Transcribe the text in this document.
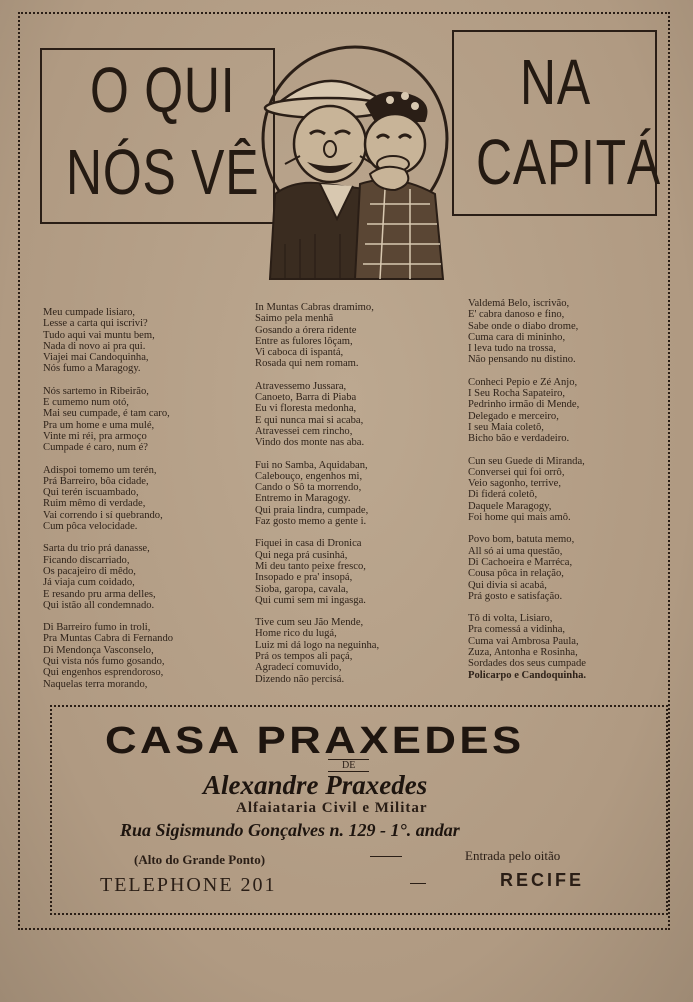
O QUI
NÓS VÊ
NA
CAPITÁ
Meu cumpade lisiaro,
Lesse a carta qui iscrivi?
Tudo aqui vai muntu bem,
Nada di novo ai pra qui.
Viajei mai Candoquinha,
Nós fumo a Maragogy.
Nós sartemo in Ribeirão,
E cumemo num otó,
Mai seu cumpade, é tam caro,
Pra um home e uma mulé,
Vinte mi réi, pra armoço
Cumpade é caro, num é?
Adispoi tomemo um terén,
Prá Barreiro, bôa cidade,
Qui terén iscuambado,
Ruim mêmo di verdade,
Vai correndo i sí quebrando,
Cum pôca velocidade.
Sarta du trio prá danasse,
Ficando discarriado,
Os pacajeiro di mêdo,
Já viaja cum coidado,
E resando pru arma delles,
Qui istão all condemnado.
Di Barreiro fumo in troli,
Pra Muntas Cabra di Fernando
Di Mendonça Vasconselo,
Qui vista nós fumo gosando,
Qui engenhos esprendoroso,
Naquelas terra morando,
In Muntas Cabras dramimo,
Saimo pela menhã
Gosando a órera ridente
Entre as fulores lôçam,
Vi caboca di ispantá,
Rosada qui nem romam.
Atravessemo Jussara,
Canoeto, Barra di Piaba
Eu vi floresta medonha,
E qui nunca mai si acaba,
Atravessei cem rincho,
Vindo dos monte nas aba.
Fui no Samba, Aquidaban,
Calebouço, engenhos mi,
Cando o Sô ta morrendo,
Entremo in Maragogy.
Qui praia lindra, cumpade,
Faz gosto memo a gente i.
Fiquei in casa di Dronica
Qui nega prá cusinhá,
Mi deu tanto peixe fresco,
Insopado e pra' insopá,
Sioba, garopa, cavala,
Qui cumi sem mi ingasga.
Tive cum seu Jão Mende,
Home rico du lugá,
Luiz mi dá logo na neguinha,
Prá os tempos ali paçá,
Agradecí comuvido,
Dizendo não percisá.
Valdemá Belo, iscrivão,
E' cabra danoso e fino,
Sabe onde o diabo drome,
Cuma cara di mininho,
I leva tudo na trossa,
Não pensando nu distino.
Conheci Pepio e Zé Anjo,
I Seu Rocha Sapateiro,
Pedrinho irmão di Mende,
Delegado e merceiro,
I seu Maia coletô,
Bicho bão e verdadeiro.
Cun seu Guede di Miranda,
Conversei qui foi orrô,
Veio sagonho, terrive,
Di fiderá coletô,
Daquele Maragogy,
Foi home qui mais amô.
Povo bom, batuta memo,
All só ai uma questão,
Di Cachoeira e Marréca,
Cousa pôca in relação,
Qui divia si acabá,
Prá gosto e satisfação.
Tô di volta, Lisiaro,
Pra comessá a vidinha,
Cuma vai Ambrosa Paula,
Zuza, Antonha e Rosinha,
Sordades dos seus cumpade
Policarpo e Candoquinha.
CASA PRAXEDES
DE
Alexandre Praxedes
Alfaiataria Civil e Militar
Rua Sigismundo Gonçalves n. 129 - 1°. andar
(Alto do Grande Ponto)	Entrada pelo oitão
TELEPHONE 201	RECIFE
